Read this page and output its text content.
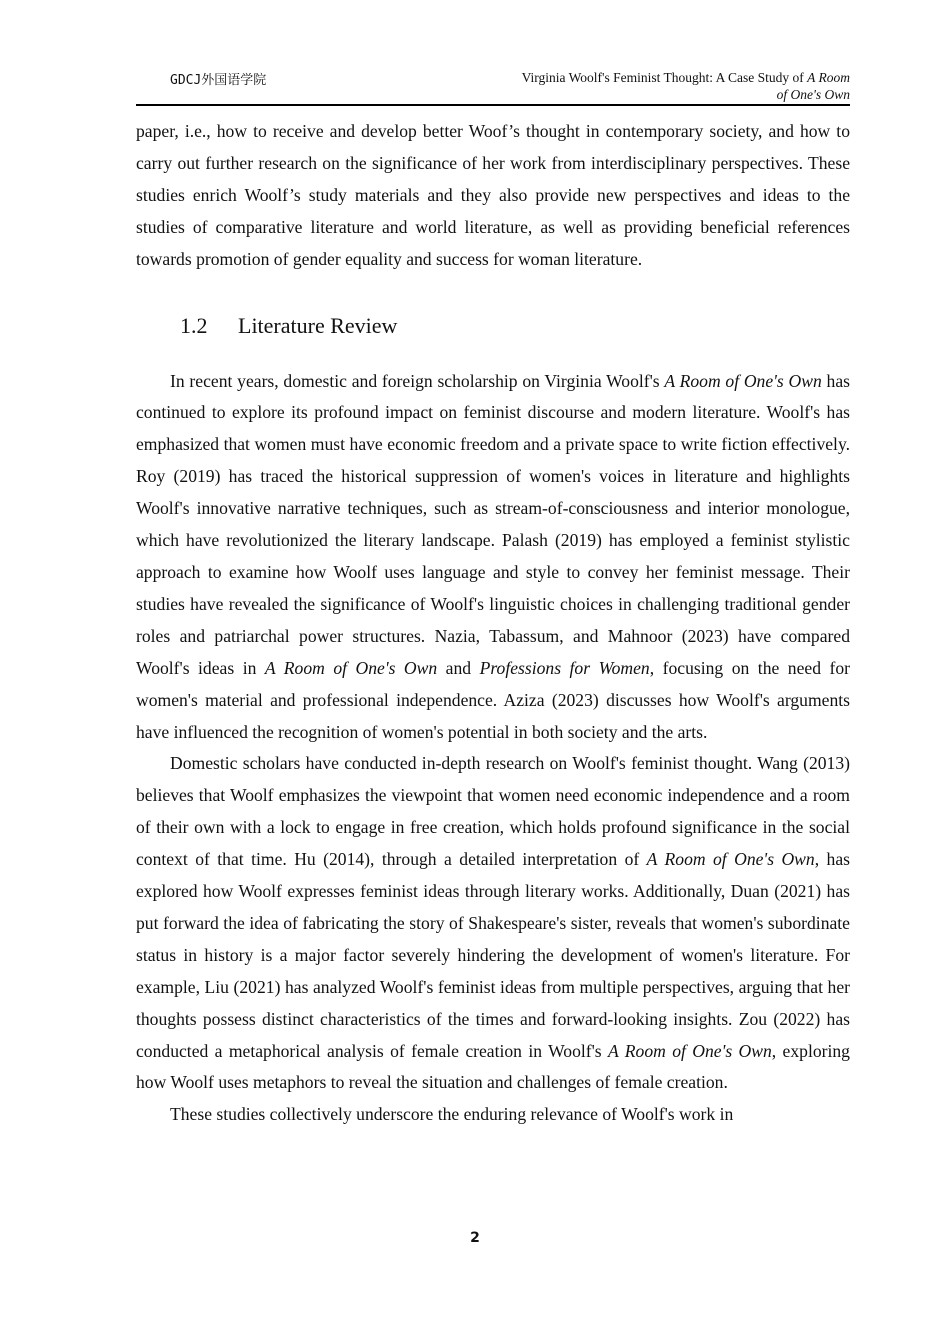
GDCJ外国语学院	Virginia Woolf's Feminist Thought: A Case Study of A Room
of One's Own

paper, i.e., how to receive and develop better Woof’s thought in contemporary society, and how to carry out further research on the significance of her work from interdisciplinary perspectives. These studies enrich Woolf’s study materials and they also provide new perspectives and ideas to the studies of comparative literature and world literature, as well as providing beneficial references towards promotion of gender equality and success for woman literature.

1.2 Literature Review

In recent years, domestic and foreign scholarship on Virginia Woolf's A Room of One's Own has continued to explore its profound impact on feminist discourse and modern literature. Woolf's has emphasized that women must have economic freedom and a private space to write fiction effectively. Roy (2019) has traced the historical suppression of women's voices in literature and highlights Woolf's innovative narrative techniques, such as stream-of-consciousness and interior monologue, which have revolutionized the literary landscape. Palash (2019) has employed a feminist stylistic approach to examine how Woolf uses language and style to convey her feminist message. Their studies have revealed the significance of Woolf's linguistic choices in challenging traditional gender roles and patriarchal power structures. Nazia, Tabassum, and Mahnoor (2023) have compared Woolf's ideas in A Room of One's Own and Professions for Women, focusing on the need for women's material and professional independence. Aziza (2023) discusses how Woolf's arguments have influenced the recognition of women's potential in both society and the arts.

Domestic scholars have conducted in-depth research on Woolf's feminist thought. Wang (2013) believes that Woolf emphasizes the viewpoint that women need economic independence and a room of their own with a lock to engage in free creation, which holds profound significance in the social context of that time. Hu (2014), through a detailed interpretation of A Room of One's Own, has explored how Woolf expresses feminist ideas through literary works. Additionally, Duan (2021) has put forward the idea of fabricating the story of Shakespeare's sister, reveals that women's subordinate status in history is a major factor severely hindering the development of women's literature. For example, Liu (2021) has analyzed Woolf's feminist ideas from multiple perspectives, arguing that her thoughts possess distinct characteristics of the times and forward-looking insights. Zou (2022) has conducted a metaphorical analysis of female creation in Woolf's A Room of One's Own, exploring how Woolf uses metaphors to reveal the situation and challenges of female creation.

These studies collectively underscore the enduring relevance of Woolf's work in

2
